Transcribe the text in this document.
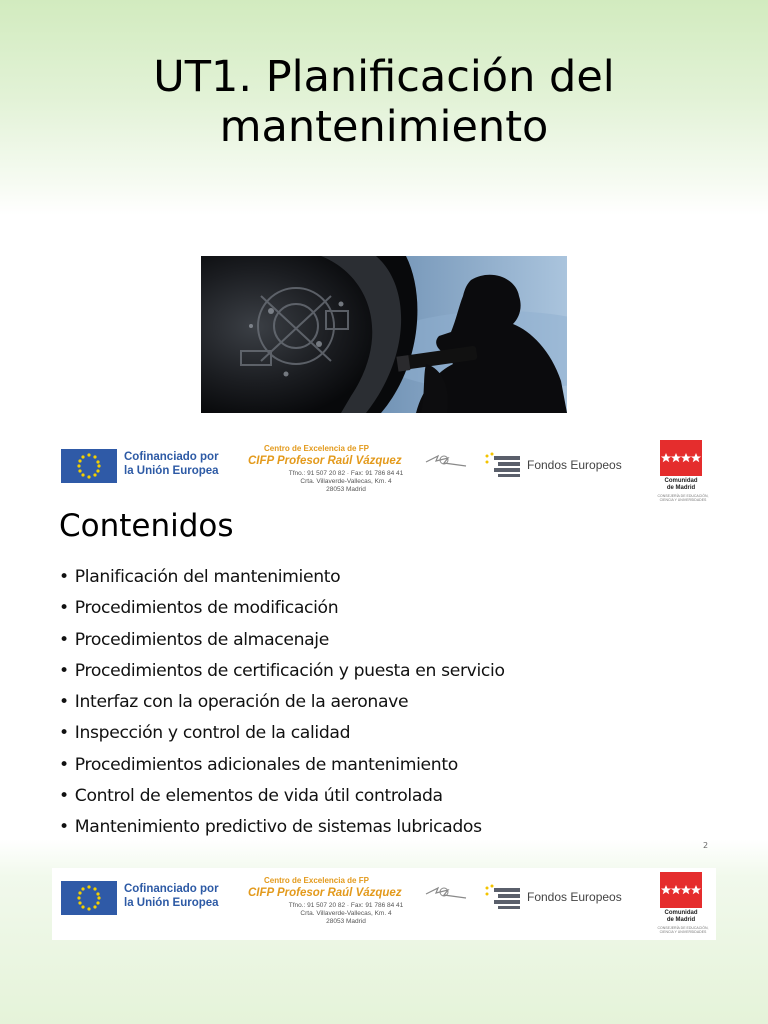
UT1. Planificación del
mantenimiento
Cofinanciado por
la Unión Europea
Centro de Excelencia de FP
CIFP Profesor Raúl Vázquez
Tfno.: 91 507 20 82 · Fax: 91 786 84 41
Crta. Villaverde-Vallecas, Km. 4
28053 Madrid
Fondos Europeos
Comunidad
de Madrid
CONSEJERÍA DE EDUCACIÓN,
CIENCIA Y UNIVERSIDADES
Contenidos
• Planificación del mantenimiento
• Procedimientos de modificación
• Procedimientos de almacenaje
• Procedimientos de certificación y puesta en servicio
• Interfaz con la operación de la aeronave
• Inspección y control de la calidad
• Procedimientos adicionales de mantenimiento
• Control de elementos de vida útil controlada
• Mantenimiento predictivo de sistemas lubricados
2
Cofinanciado por
la Unión Europea
Centro de Excelencia de FP
CIFP Profesor Raúl Vázquez
Tfno.: 91 507 20 82 · Fax: 91 786 84 41
Crta. Villaverde-Vallecas, Km. 4
28053 Madrid
Fondos Europeos
Comunidad
de Madrid
CONSEJERÍA DE EDUCACIÓN,
CIENCIA Y UNIVERSIDADES
